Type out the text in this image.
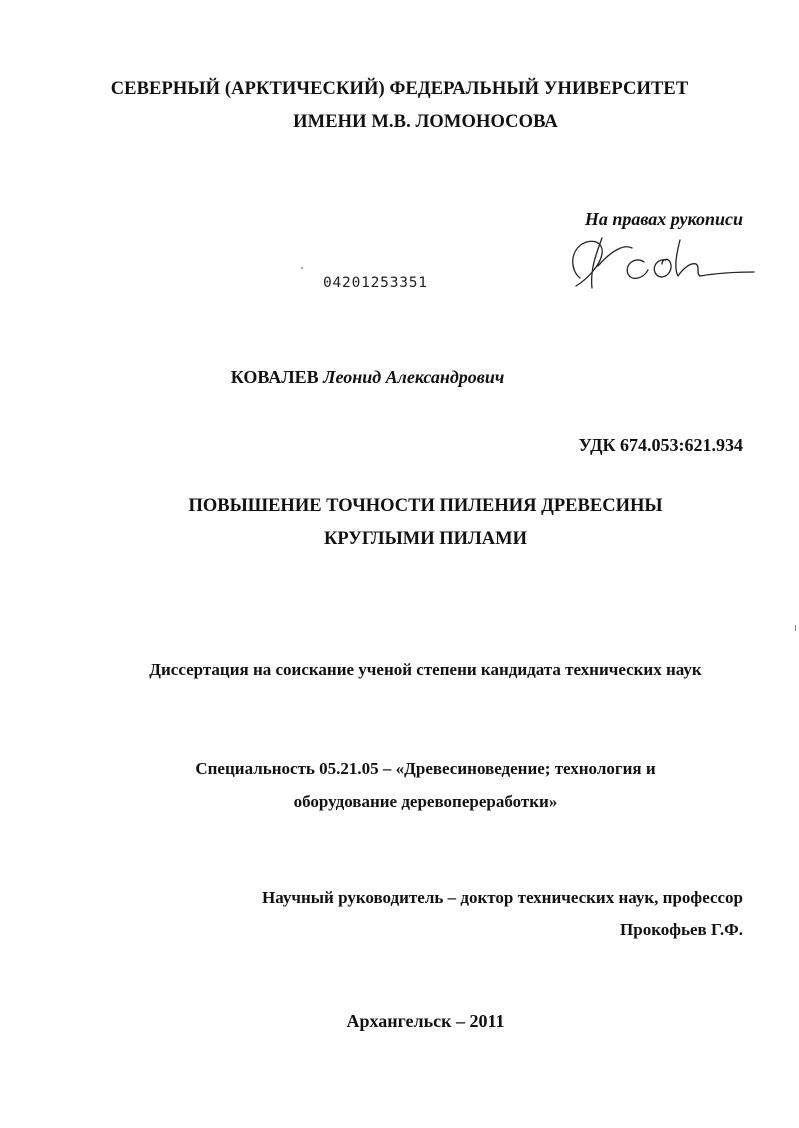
СЕВЕРНЫЙ (АРКТИЧЕСКИЙ) ФЕДЕРАЛЬНЫЙ УНИВЕРСИТЕТ
ИМЕНИ М.В. ЛОМОНОСОВА
На правах рукописи
04201253351
КОВАЛЕВ Леонид Александрович
УДК 674.053:621.934
ПОВЫШЕНИЕ ТОЧНОСТИ ПИЛЕНИЯ ДРЕВЕСИНЫ
КРУГЛЫМИ ПИЛАМИ
Диссертация на соискание ученой степени кандидата технических наук
Специальность 05.21.05 – «Древесиноведение; технология и
оборудование деревопереработки»
Научный руководитель – доктор технических наук, профессор
Прокофьев Г.Ф.
Архангельск – 2011
